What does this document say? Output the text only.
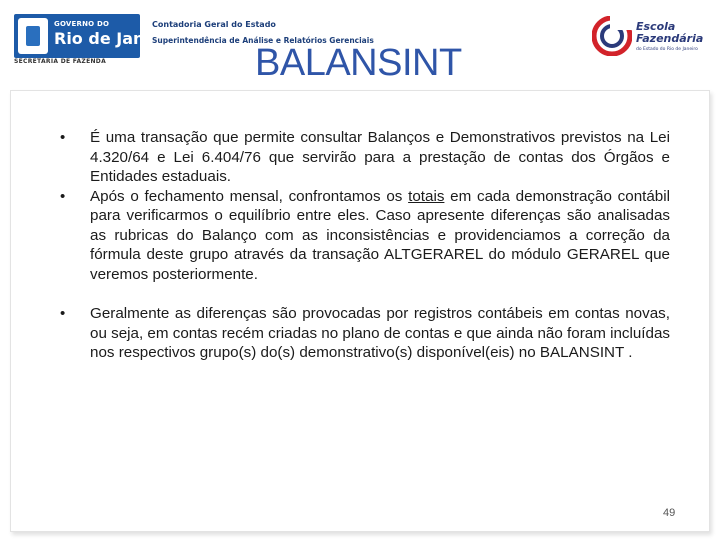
GOVERNO DO
Rio de Janeiro
SECRETARIA DE FAZENDA
Contadoria Geral do Estado
Superintendência de Análise e Relatórios Gerenciais
BALANSINT
Escola
Fazendária
do Estado do Rio de Janeiro
• É uma transação que permite consultar Balanços e Demonstrativos previstos na Lei 4.320/64 e Lei 6.404/76 que servirão para a prestação de contas dos Órgãos e Entidades estaduais.
• Após o fechamento mensal, confrontamos os totais em cada demonstração contábil para verificarmos o equilíbrio entre eles. Caso apresente diferenças são analisadas as rubricas do Balanço com as inconsistências e providenciamos a correção da fórmula deste grupo através da transação ALTGERAREL do módulo GERAREL que veremos posteriormente.
• Geralmente as diferenças são provocadas por registros contábeis em contas novas, ou seja, em contas recém criadas no plano de contas e que ainda não foram incluídas nos respectivos grupo(s) do(s) demonstrativo(s) disponível(eis) no BALANSINT .
49
